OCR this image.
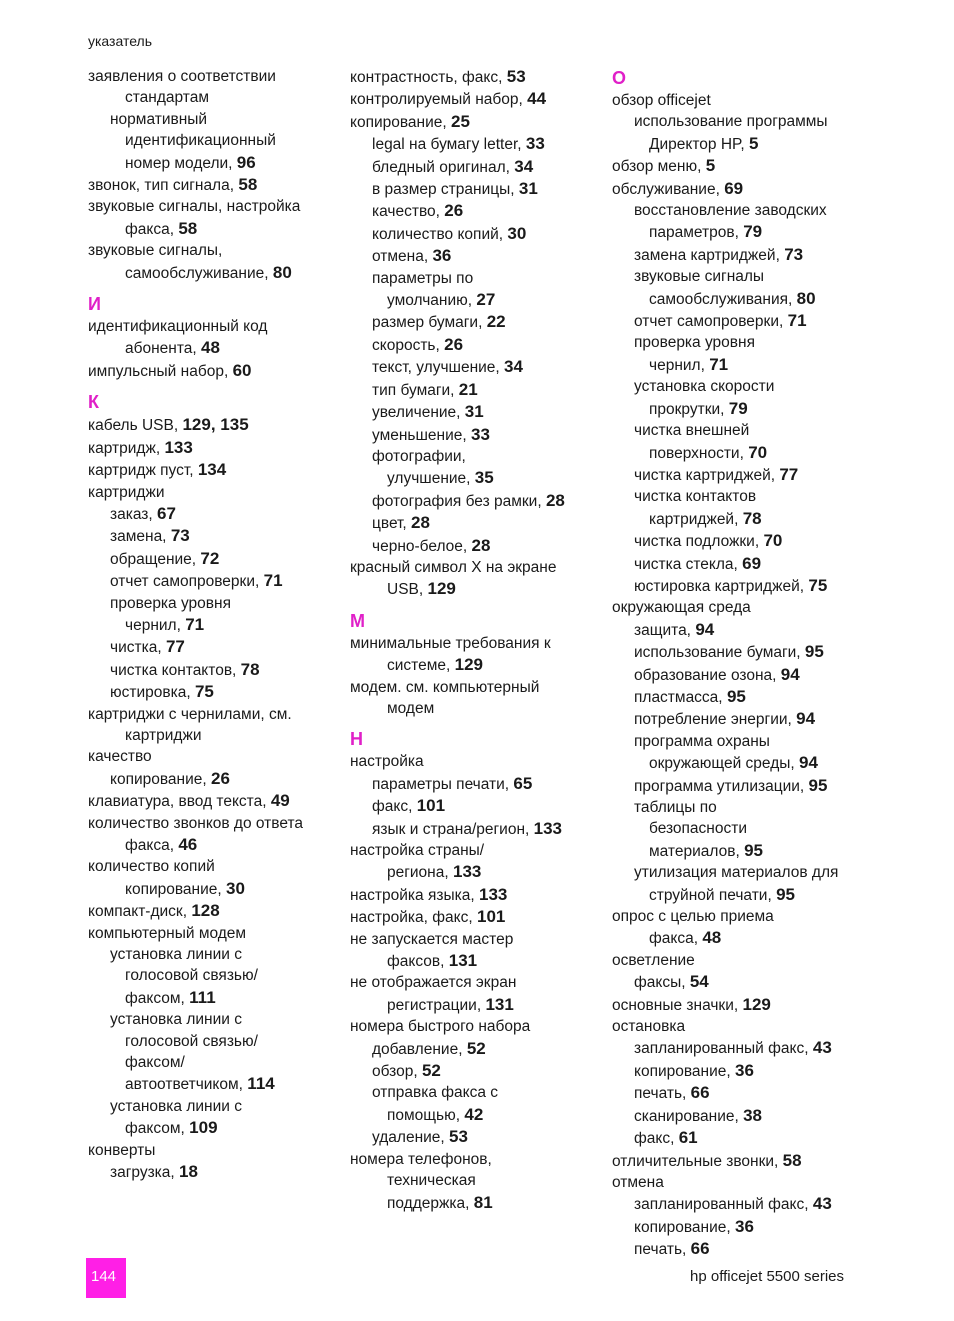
указатель
заявления о соответствии
стандартам
нормативный
идентификационный
номер модели, 96
звонок, тип сигнала, 58
звуковые сигналы, настройка
факса, 58
звуковые сигналы,
самообслуживание, 80
И
идентификационный код
абонента, 48
импульсный набор, 60
К
кабель USB, 129, 135
картридж, 133
картридж пуст, 134
картриджи
заказ, 67
замена, 73
обращение, 72
отчет самопроверки, 71
проверка уровня
чернил, 71
чистка, 77
чистка контактов, 78
юстировка, 75
картриджи с чернилами, см.
картриджи
качество
копирование, 26
клавиатура, ввод текста, 49
количество звонков до ответа
факса, 46
количество копий
копирование, 30
компакт-диск, 128
компьютерный модем
установка линии с
голосовой связью/
факсом, 111
установка линии с
голосовой связью/
факсом/
автоответчиком, 114
установка линии с
факсом, 109
конверты
загрузка, 18
контрастность, факс, 53
контролируемый набор, 44
копирование, 25
legal на бумагу letter, 33
бледный оригинал, 34
в размер страницы, 31
качество, 26
количество копий, 30
отмена, 36
параметры по
умолчанию, 27
размер бумаги, 22
скорость, 26
текст, улучшение, 34
тип бумаги, 21
увеличение, 31
уменьшение, 33
фотографии,
улучшение, 35
фотография без рамки, 28
цвет, 28
черно-белое, 28
красный символ X на экране
USB, 129
М
минимальные требования к
системе, 129
модем. см. компьютерный
модем
Н
настройка
параметры печати, 65
факс, 101
язык и страна/регион, 133
настройка страны/
региона, 133
настройка языка, 133
настройка, факс, 101
не запускается мастер
факсов, 131
не отображается экран
регистрации, 131
номера быстрого набора
добавление, 52
обзор, 52
отправка факса с
помощью, 42
удаление, 53
номера телефонов,
техническая
поддержка, 81
О
обзор officejet
использование программы
Директор HP, 5
обзор меню, 5
обслуживание, 69
восстановление заводских
параметров, 79
замена картриджей, 73
звуковые сигналы
самообслуживания, 80
отчет самопроверки, 71
проверка уровня
чернил, 71
установка скорости
прокрутки, 79
чистка внешней
поверхности, 70
чистка картриджей, 77
чистка контактов
картриджей, 78
чистка подложки, 70
чистка стекла, 69
юстировка картриджей, 75
окружающая среда
защита, 94
использование бумаги, 95
образование озона, 94
пластмасса, 95
потребление энергии, 94
программа охраны
окружающей среды, 94
программа утилизации, 95
таблицы по
безопасности
материалов, 95
утилизация материалов для
струйной печати, 95
опрос с целью приема
факса, 48
осветление
факсы, 54
основные значки, 129
остановка
запланированный факс, 43
копирование, 36
печать, 66
сканирование, 38
факс, 61
отличительные звонки, 58
отмена
запланированный факс, 43
копирование, 36
печать, 66
144	hp officejet 5500 series
